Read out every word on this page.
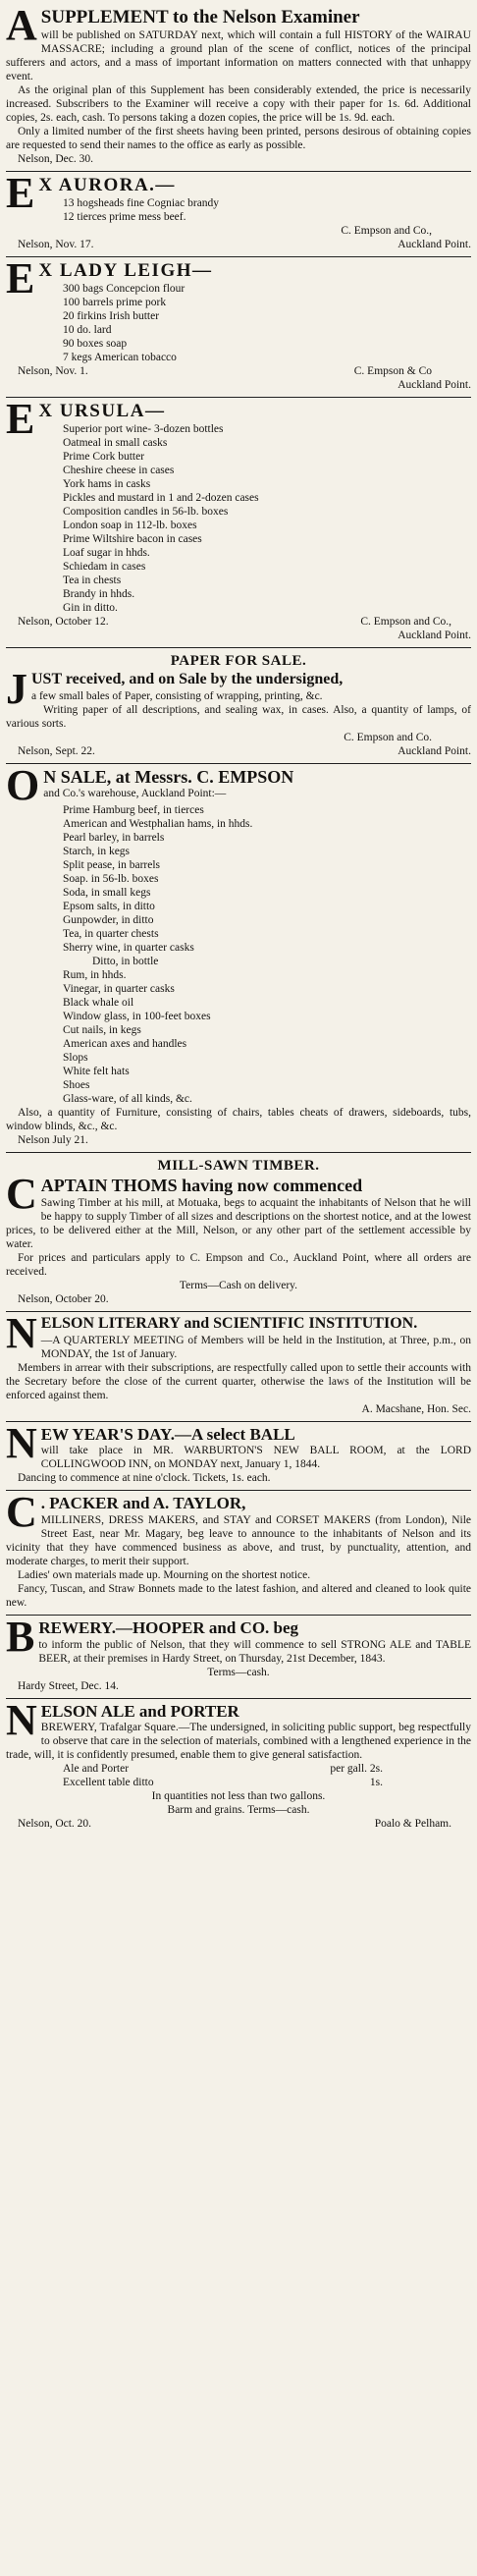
A SUPPLEMENT to the Nelson Examiner

will be published on SATURDAY next, which will contain a full HISTORY of the WAIRAU MASSACRE; including a ground plan of the scene of conflict, notices of the principal sufferers and actors, and a mass of important information on matters connected with that unhappy event.

As the original plan of this Supplement has been considerably extended, the price is necessarily increased. Subscribers to the Examiner will receive a copy with their paper for 1s. 6d. Additional copies, 2s. each, cash. To persons taking a dozen copies, the price will be 1s. 9d. each.

Only a limited number of the first sheets having been printed, persons desirous of obtaining copies are requested to send their names to the office as early as possible.

Nelson, Dec. 30.

E X AURORA.—

13 hogsheads fine Cogniac brandy

12 tierces prime mess beef.

C. Empson and Co.,

Nelson, Nov. 17.	Auckland Point.
E X LADY LEIGH—

300 bags Concepcion flour

100 barrels prime pork

20 firkins Irish butter

10 do. lard

90 boxes soap

7 kegs American tobacco

Nelson, Nov. 1.	C. Empson & Co

Auckland Point.

E X URSULA—

Superior port wine- 3-dozen bottles

Oatmeal in small casks

Prime Cork butter

Cheshire cheese in cases

York hams in casks

Pickles and mustard in 1 and 2-dozen cases

Composition candles in 56-lb. boxes

London soap in 112-lb. boxes

Prime Wiltshire bacon in cases

Loaf sugar in hhds.

Schiedam in cases

Tea in chests

Brandy in hhds.

Gin in ditto.

Nelson, October 12.	C. Empson and Co.,

Auckland Point.

PAPER FOR SALE.

J UST received, and on Sale by the undersigned,

a few small bales of Paper, consisting of wrapping, printing, &c.

Writing paper of all descriptions, and sealing wax, in cases. Also, a quantity of lamps, of various sorts.

C. Empson and Co.

Nelson, Sept. 22.	Auckland Point.
O N SALE, at Messrs. C. EMPSON

and Co.'s warehouse, Auckland Point:—

Prime Hamburg beef, in tierces

American and Westphalian hams, in hhds.

Pearl barley, in barrels

Starch, in kegs

Split pease, in barrels

Soap. in 56-lb. boxes

Soda, in small kegs

Epsom salts, in ditto

Gunpowder, in ditto

Tea, in quarter chests

Sherry wine, in quarter casks

Ditto, in bottle

Rum, in hhds.

Vinegar, in quarter casks

Black whale oil

Window glass, in 100-feet boxes

Cut nails, in kegs

American axes and handles

Slops

White felt hats

Shoes

Glass-ware, of all kinds, &c.

Also, a quantity of Furniture, consisting of chairs, tables cheats of drawers, sideboards, tubs, window blinds, &c., &c.

Nelson July 21.

MILL-SAWN TIMBER.

C APTAIN THOMS having now commenced

Sawing Timber at his mill, at Motuaka, begs to acquaint the inhabitants of Nelson that he will be happy to supply Timber of all sizes and descriptions on the shortest notice, and at the lowest prices, to be delivered either at the Mill, Nelson, or any other part of the settlement accessible by water.

For prices and particulars apply to C. Empson and Co., Auckland Point, where all orders are received.

Terms—Cash on delivery.

Nelson, October 20.

N ELSON LITERARY and SCIENTIFIC INSTITUTION.

—A QUARTERLY MEETING of Members will be held in the Institution, at Three, p.m., on MONDAY, the 1st of January.

Members in arrear with their subscriptions, are respectfully called upon to settle their accounts with the Secretary before the close of the current quarter, otherwise the laws of the Institution will be enforced against them.

A. Macshane, Hon. Sec.

N EW YEAR'S DAY.—A select BALL

will take place in MR. WARBURTON'S NEW BALL ROOM, at the LORD COLLINGWOOD INN, on MONDAY next, January 1, 1844.

Dancing to commence at nine o'clock. Tickets, 1s. each.

C . PACKER and A. TAYLOR,

MILLINERS, DRESS MAKERS, and STAY and CORSET MAKERS (from London), Nile Street East, near Mr. Magary, beg leave to announce to the inhabitants of Nelson and its vicinity that they have commenced business as above, and trust, by punctuality, attention, and moderate charges, to merit their support.

Ladies' own materials made up. Mourning on the shortest notice.

Fancy, Tuscan, and Straw Bonnets made to the latest fashion, and altered and cleaned to look quite new.

B REWERY.—HOOPER and CO. beg

to inform the public of Nelson, that they will commence to sell STRONG ALE and TABLE BEER, at their premises in Hardy Street, on Thursday, 21st December, 1843.

Terms—cash.

Hardy Street, Dec. 14.

N ELSON ALE and PORTER

BREWERY, Trafalgar Square.—The undersigned, in soliciting public support, beg respectfully to observe that care in the selection of materials, combined with a lengthened experience in the trade, will, it is confidently presumed, enable them to give general satisfaction.

Ale and Porter	per gall. 2s.
Excellent table ditto	1s.

In quantities not less than two gallons.

Barm and grains. Terms—cash.

Nelson, Oct. 20.	Poalo & Pelham.
